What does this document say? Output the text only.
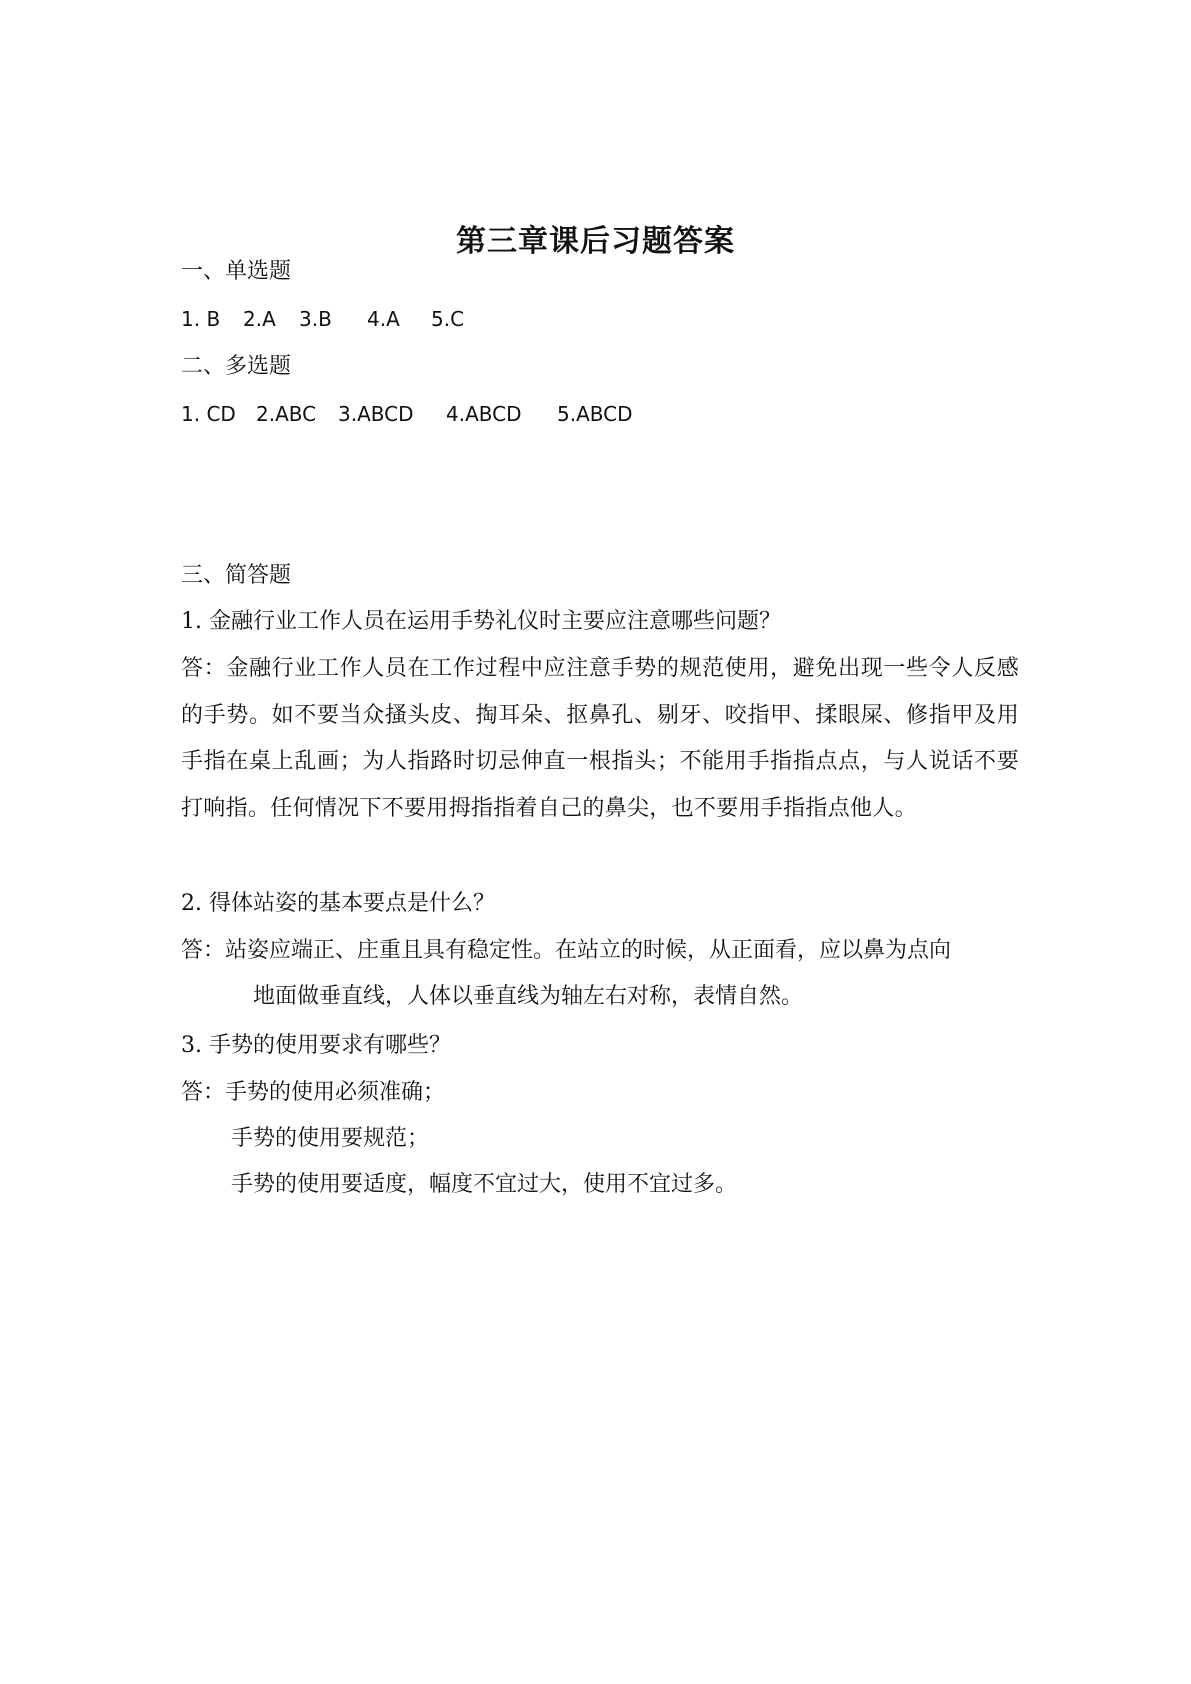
第三章课后习题答案
一、单选题
1. B 2.A 3.B 4.A 5.C
二、多选题
1. CD 2.ABC 3.ABCD 4.ABCD 5.ABCD
三、简答题
1. 金融行业工作人员在运用手势礼仪时主要应注意哪些问题？
答：金融行业工作人员在工作过程中应注意手势的规范使用，避免出现一些令人反感的手势。如不要当众搔头皮、掏耳朵、抠鼻孔、剔牙、咬指甲、揉眼屎、修指甲及用手指在桌上乱画；为人指路时切忌伸直一根指头；不能用手指指点点，与人说话不要打响指。任何情况下不要用拇指指着自己的鼻尖，也不要用手指指点他人。
2. 得体站姿的基本要点是什么？
答：站姿应端正、庄重且具有稳定性。在站立的时候，从正面看，应以鼻为点向
地面做垂直线，人体以垂直线为轴左右对称，表情自然。
3. 手势的使用要求有哪些？
答：手势的使用必须准确；
手势的使用要规范；
手势的使用要适度，幅度不宜过大，使用不宜过多。
